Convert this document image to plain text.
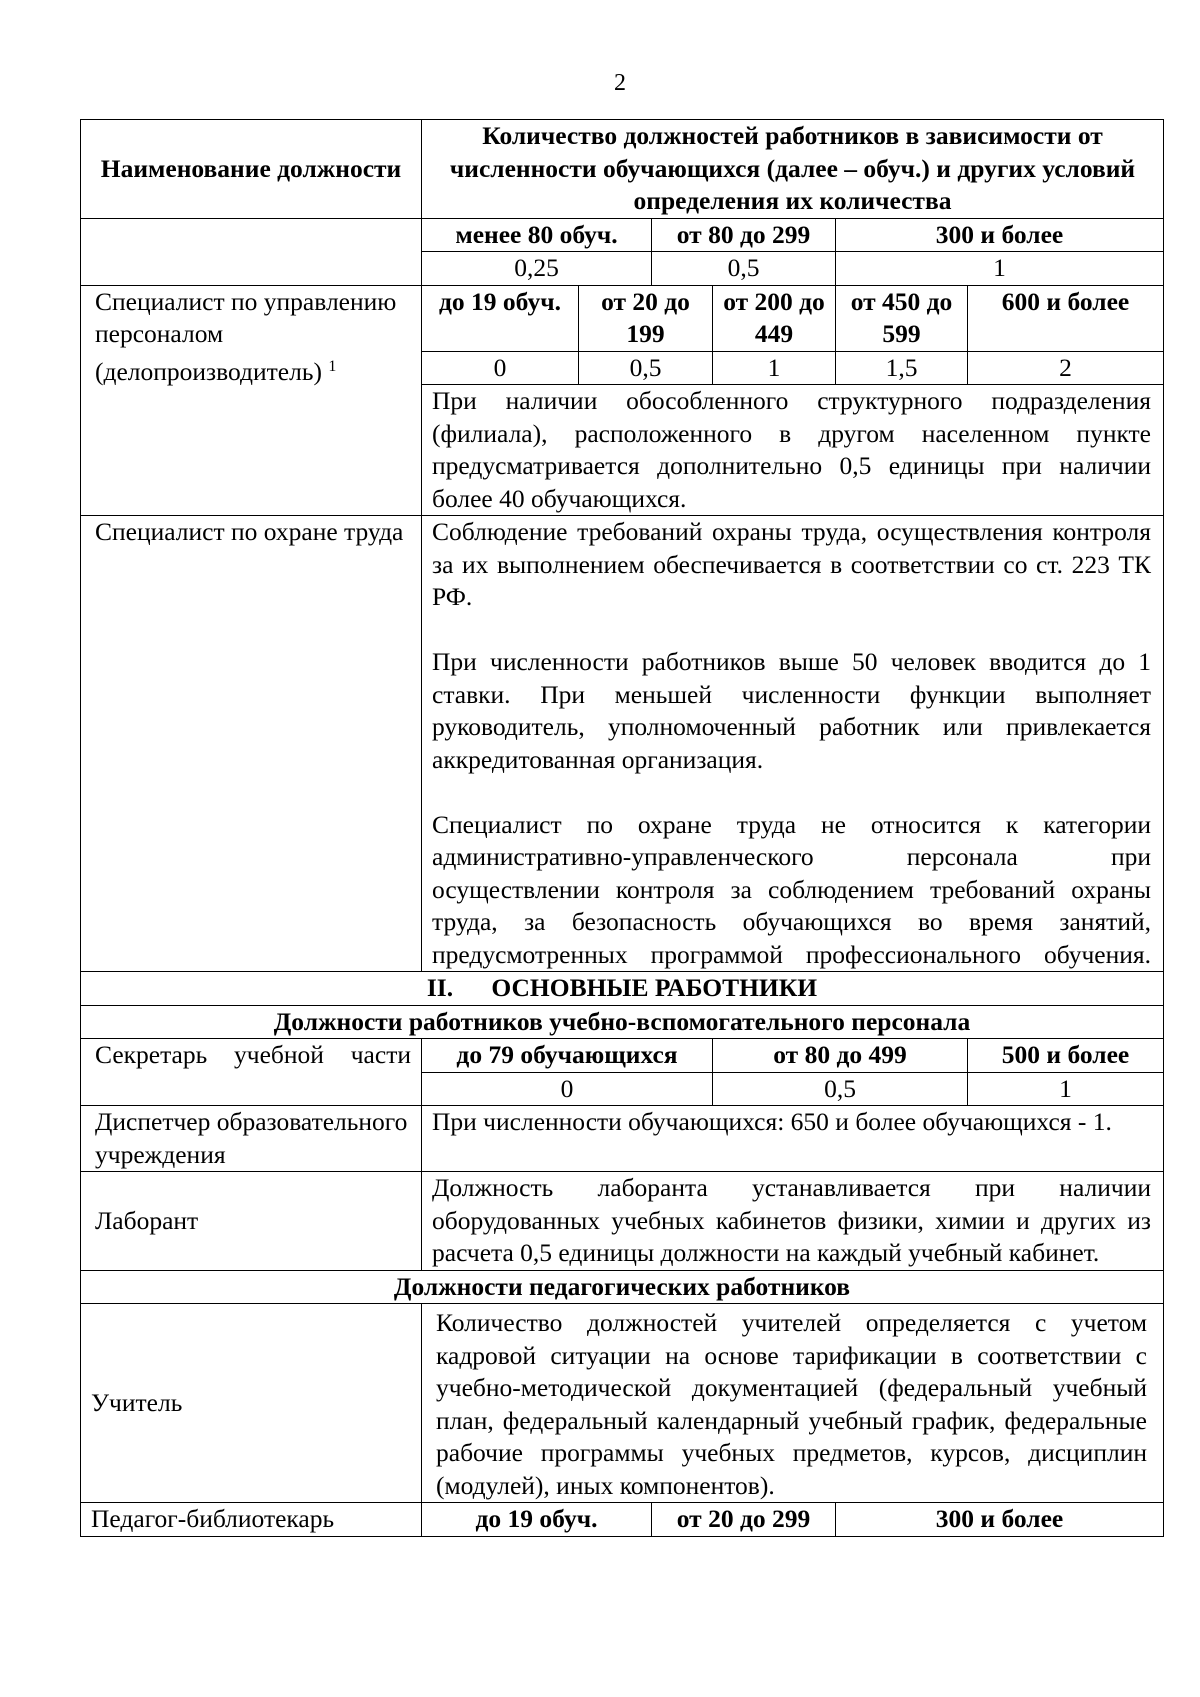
2
Наименование должности	Количество должностей работников в зависимости от численности обучающихся (далее – обуч.) и других условий определения их количества					
	менее 80 обуч.		от 80 до 299		300 и более	
	0,25		0,5		1	
Специалист по управлению персоналом (делопроизводитель) $^1$	до 19 обуч.	от 20 до 199		от 200 до 449	от 450 до 599	600 и более
	0	0,5		1	1,5	2
	При наличии обособленного структурного подразделения (филиала), расположенного в другом населенном пункте предусматривается дополнительно 0,5 единицы при наличии более 40 обучающихся.					
Специалист по охране труда	Соблюдение требований охраны труда, осуществления контроля за их выполнением обеспечивается в соответствии со ст. 223 ТК РФ.

При численности работников выше 50 человек вводится до 1 ставки. При меньшей численности функции выполняет руководитель, уполномоченный работник или привлекается аккредитованная организация.

Специалист по охране труда не относится к категории административно-управленческого персонала при осуществлении контроля за соблюдением требований охраны труда, за безопасность обучающихся во время занятий, предусмотренных программой профессионального обучения.					

II.      ОСНОВНЫЕ РАБОТНИКИ						
Должности работников учебно-вспомогательного персонала						

Секретарь учебной части	до 79 обучающихся			от 80 до 499		500 и более
	0			0,5		1
Диспетчер образовательного учреждения	При численности обучающихся: 650 и более обучающихся - 1.					
Лаборант	Должность лаборанта устанавливается при наличии оборудованных учебных кабинетов физики, химии и других из расчета 0,5 единицы должности на каждый учебный кабинет.					
Должности педагогических работников						
Учитель	Количество должностей учителей определяется с учетом кадровой ситуации на основе тарификации в соответствии с учебно-методической документацией (федеральный учебный план, федеральный календарный учебный график, федеральные рабочие программы учебных предметов, курсов, дисциплин (модулей), иных компонентов).					
Педагог-библиотекарь	до 19 обуч.		от 20 до 299		300 и более	
